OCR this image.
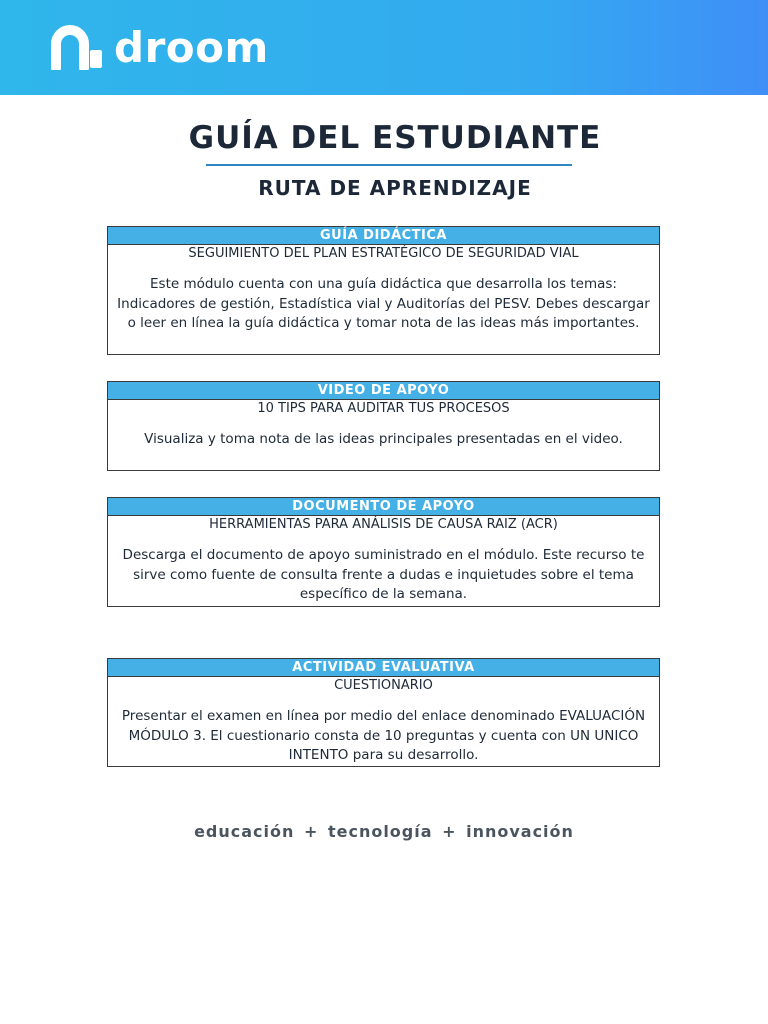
droom
GUÍA DEL ESTUDIANTE
RUTA DE APRENDIZAJE
GUÍA DIDÁCTICA
SEGUIMIENTO DEL PLAN ESTRATÉGICO DE SEGURIDAD VIAL
Este módulo cuenta con una guía didáctica que desarrolla los temas: Indicadores de gestión, Estadística vial y Auditorías del PESV. Debes descargar o leer en línea la guía didáctica y tomar nota de las ideas más importantes.
VIDEO DE APOYO
10 TIPS PARA AUDITAR TUS PROCESOS
Visualiza y toma nota de las ideas principales presentadas en el video.
DOCUMENTO DE APOYO
HERRAMIENTAS PARA ANÁLISIS DE CAUSA RAIZ (ACR)
Descarga el documento de apoyo suministrado en el módulo. Este recurso te sirve como fuente de consulta frente a dudas e inquietudes sobre el tema específico de la semana.
ACTIVIDAD EVALUATIVA
CUESTIONARIO
Presentar el examen en línea por medio del enlace denominado EVALUACIÓN MÓDULO 3. El cuestionario consta de 10 preguntas y cuenta con UN UNICO INTENTO para su desarrollo.
educación + tecnología + innovación
